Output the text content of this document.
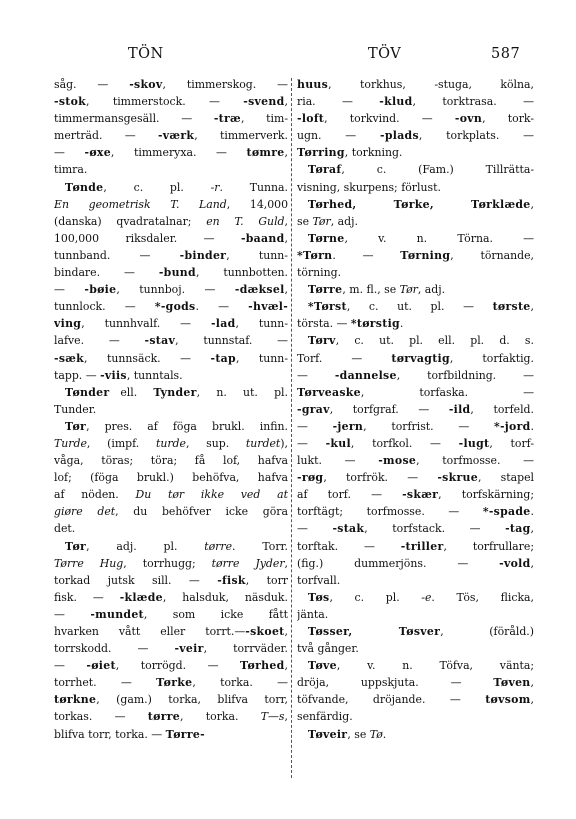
TÖN	TÖV	587
såg. — -skov, timmerskog. —
-stok, timmerstock. — -svend,
timmermansgesäll. — -træ, tim-
merträd. — -værk, timmerverk.
— -øxe, timmeryxa. — tømre,
timra.
 Tønde, c. pl. -r. Tunna.
En geometrisk T. Land, 14,000
(danska) qvadratalnar; en T. Guld,
100,000 riksdaler. — -baand,
tunnband. — -binder, tunn-
bindare. — -bund, tunnbotten.
— -bøie, tunnboj. — -dæksel,
tunnlock. — *-gods. — -hvæl-
ving, tunnhvalf. — -lad, tunn-
lafve. — -stav, tunnstaf. —
-sæk, tunnsäck. — -tap, tunn-
tapp. — -viis, tunntals.
 Tønder ell. Tynder, n. ut. pl.
Tunder.
 Tør, pres. af föga brukl. infin.
Turde, (impf. turde, sup. turdet),
våga, töras; töra; få lof, hafva
lof; (föga brukl.) behöfva, hafva
af nöden. Du tør ikke ved at
giøre det, du behöfver icke göra
det.
 Tør, adj. pl. tørre. Torr.
Tørre Hug, torrhugg; tørre Jyder,
torkad jutsk sill. — -fisk, torr
fisk. — -klæde, halsduk, näsduk.
— -mundet, som icke fått
hvarken vått eller torrt.—-skoet,
torrskodd. — -veir, torrväder.
— -øiet, torrögd. — Tørhed,
torrhet. — Tørke, torka. —
tørkne, (gam.) torka, blifva torr,
torkas. — tørre, torka. T—s,
blifva torr, torka. — Tørre-
huus, torkhus, -stuga, kölna,
ria. — -klud, torktrasa. —
-loft, torkvind. — -ovn, tork-
ugn. — -plads, torkplats. —
Tørring, torkning.
 Tøraf, c. (Fam.) Tillrätta-
visning, skurpens; förlust.
 Tørhed, Tørke, Tørklæde,
se Tør, adj.
 Tørne, v. n. Törna. —
*Tørn. — Tørning, törnande,
törning.
 Tørre, m. fl., se Tør, adj.
 *Tørst, c. ut. pl. — tørste,
törsta. — *tørstig.
 Tørv, c. ut. pl. ell. pl. d. s.
Torf. — tørvagtig, torfaktig.
— -dannelse, torfbildning. —
Tørveaske, torfaska. —
-grav, torfgraf. — -ild, torfeld.
— -jern, torfrist. — *-jord.
— -kul, torfkol. — -lugt, torf-
lukt. — -mose, torfmosse. —
-røg, torfrök. — -skrue, stapel
af torf. — -skær, torfskärning;
torftägt; torfmosse. — *-spade.
— -stak, torfstack. — -tag,
torftak. — -triller, torfrullare;
(fig.) dummerjöns. — -vold,
torfvall.
 Tøs, c. pl. -e. Tös, flicka,
jänta.
 Tøsser, Tøsver, (föråld.)
två gånger.
 Tøve, v. n. Töfva, vänta;
dröja, uppskjuta. — Tøven,
töfvande, dröjande. — tøvsom,
senfärdig.
 Tøveir, se Tø.
